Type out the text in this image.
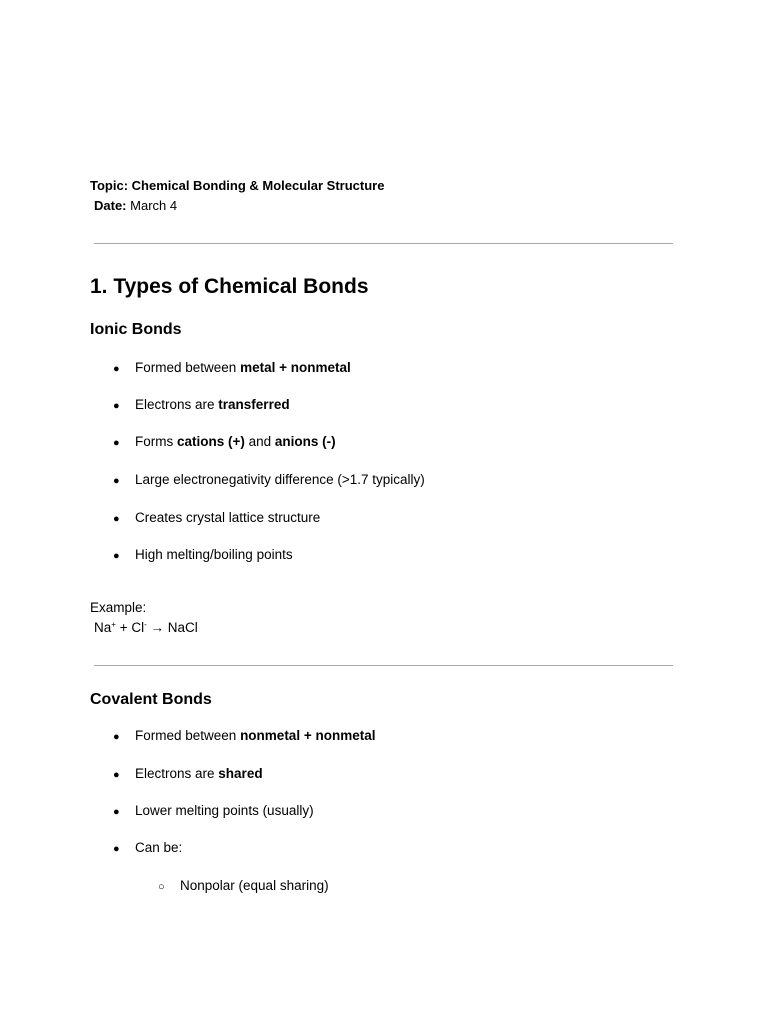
Topic: Chemical Bonding & Molecular Structure
Date: March 4
1. Types of Chemical Bonds
Ionic Bonds
● Formed between metal + nonmetal
● Electrons are transferred
● Forms cations (+) and anions (-)
● Large electronegativity difference (>1.7 typically)
● Creates crystal lattice structure
● High melting/boiling points
Example:
Na+ + Cl- → NaCl
Covalent Bonds
● Formed between nonmetal + nonmetal
● Electrons are shared
● Lower melting points (usually)
● Can be:
○ Nonpolar (equal sharing)
